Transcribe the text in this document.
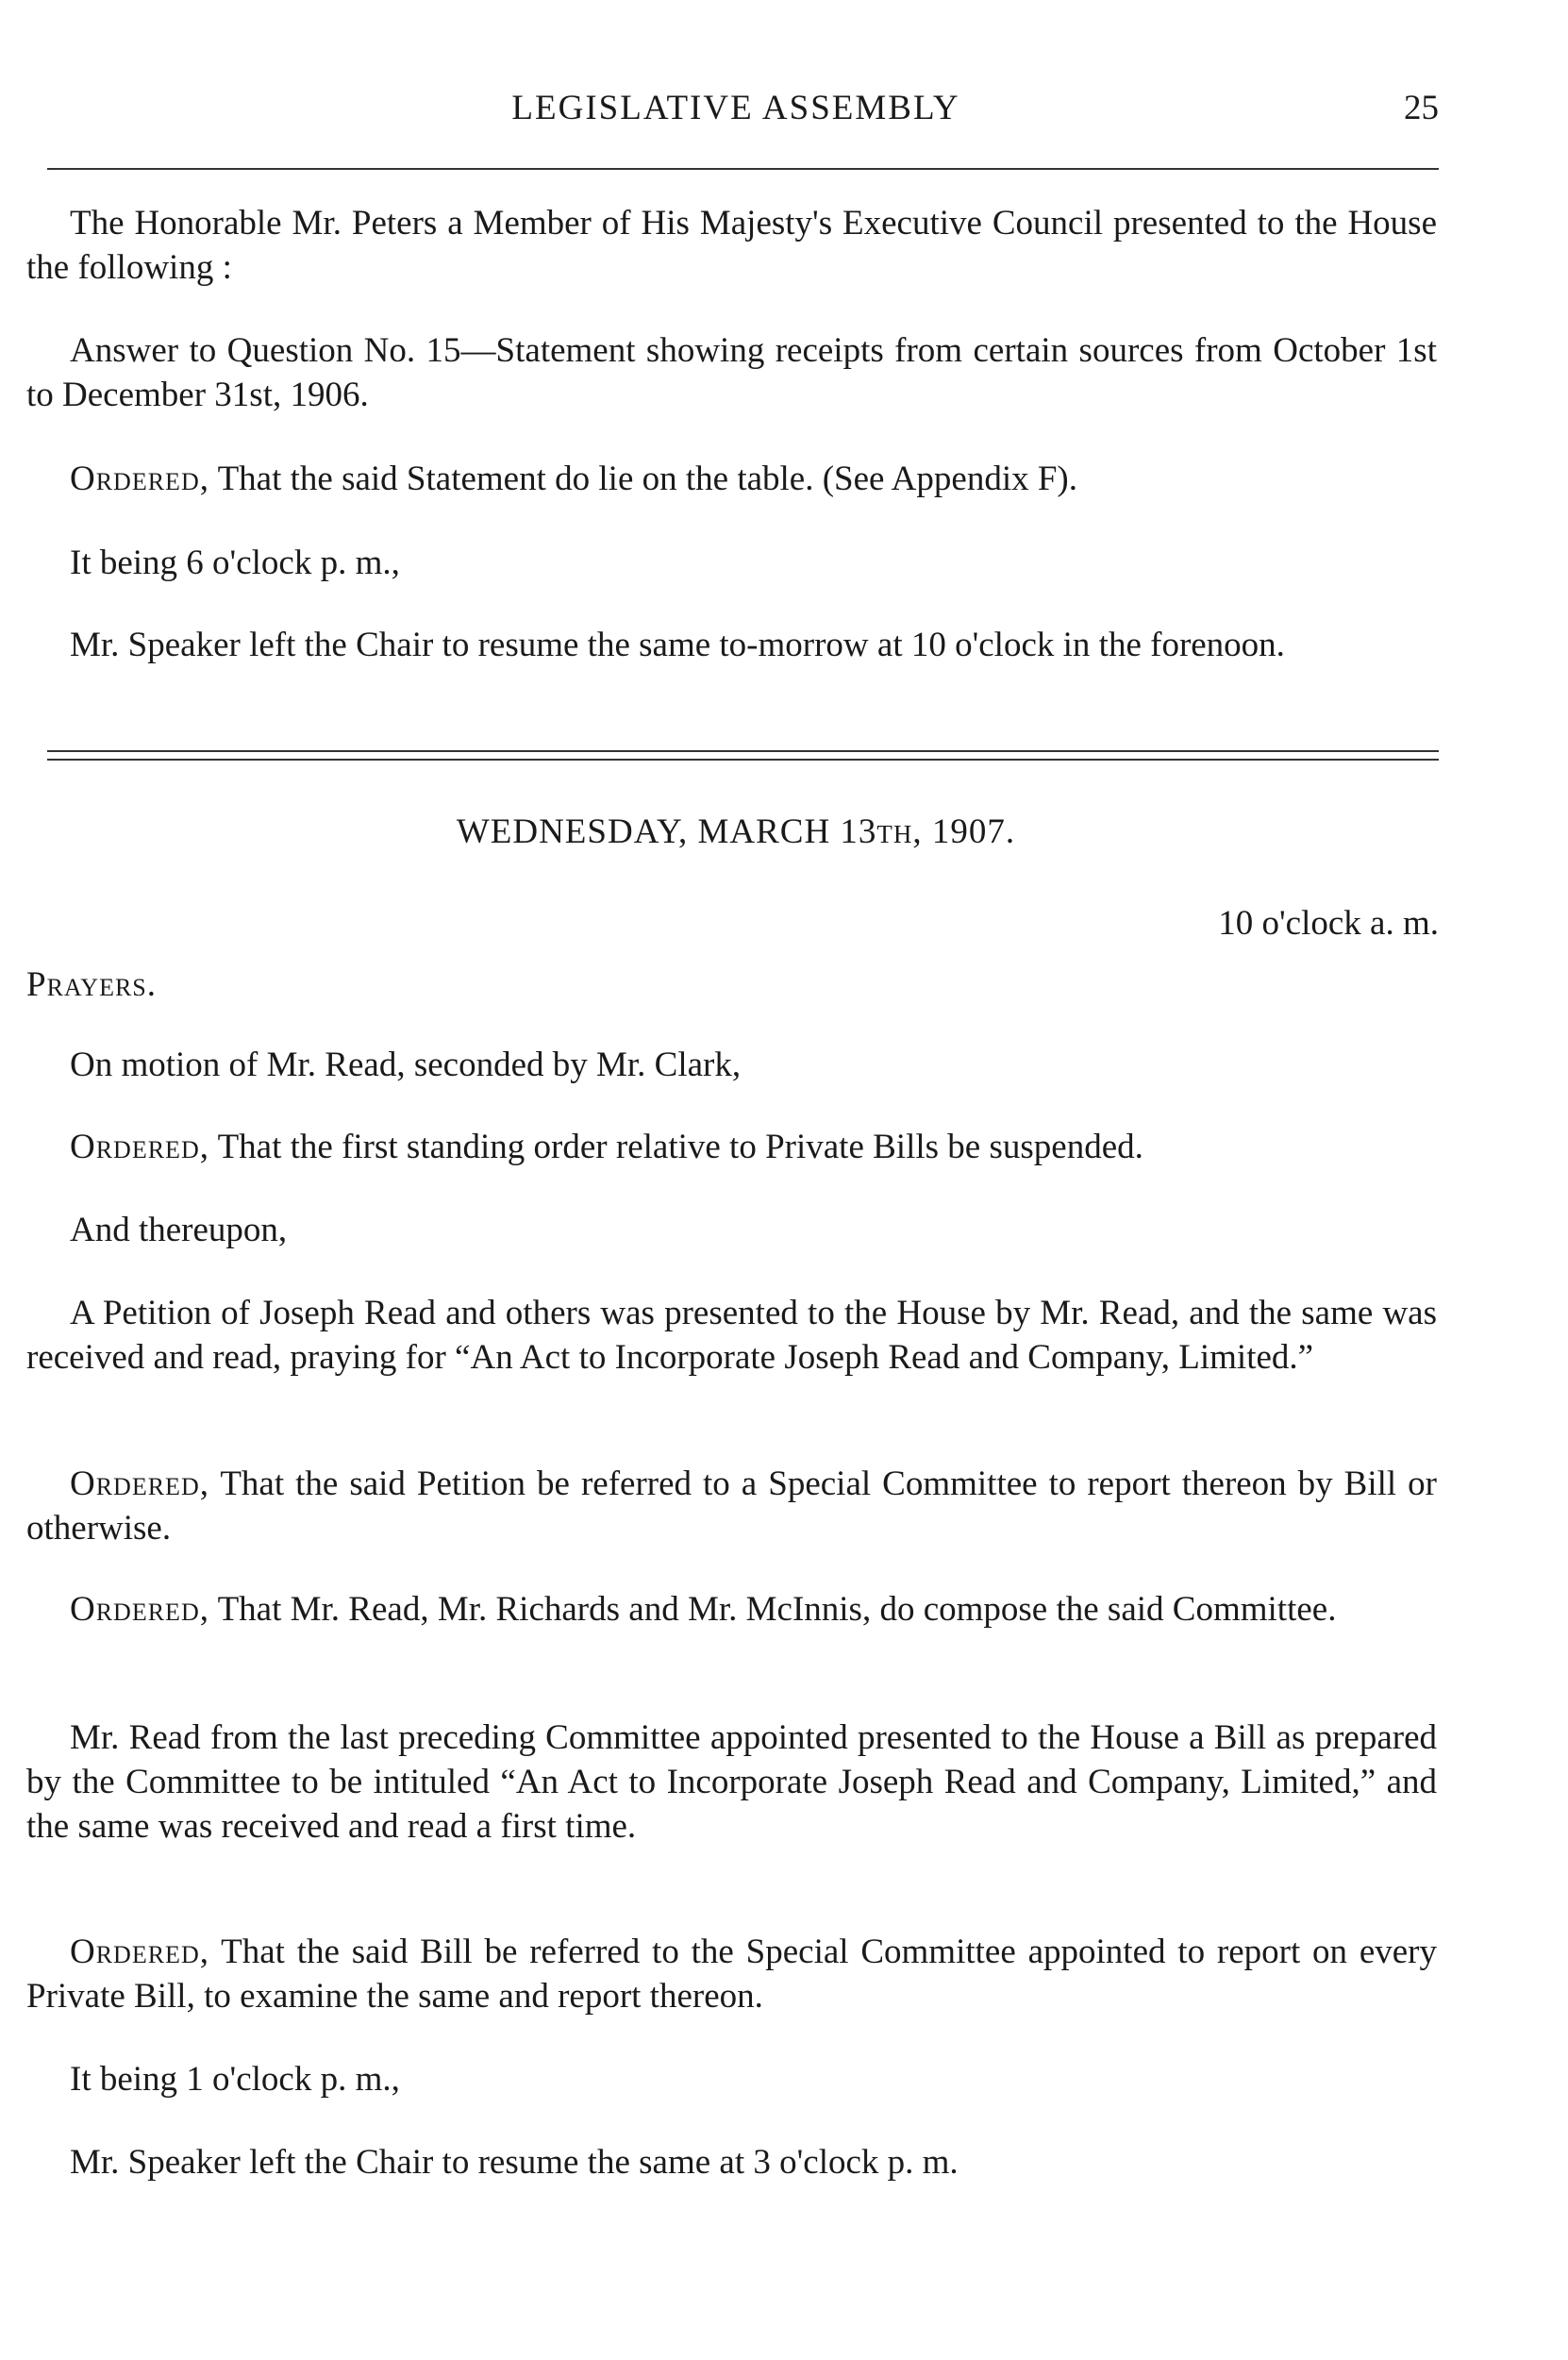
LEGISLATIVE ASSEMBLY	25

The Honorable Mr. Peters a Member of His Majesty's Executive Council presented to the House the following :

Answer to Question No. 15—Statement showing receipts from certain sources from October 1st to December 31st, 1906.

Ordered, That the said Statement do lie on the table. (See Appendix F).

It being 6 o'clock p. m.,

Mr. Speaker left the Chair to resume the same to-morrow at 10 o'clock in the forenoon.

WEDNESDAY, MARCH 13TH, 1907.
10 o'clock a. m.

Prayers.

On motion of Mr. Read, seconded by Mr. Clark,

Ordered, That the first standing order relative to Private Bills be suspended.

And thereupon,

A Petition of Joseph Read and others was presented to the House by Mr. Read, and the same was received and read, praying for “An Act to Incorporate Joseph Read and Company, Limited.”

Ordered, That the said Petition be referred to a Special Committee to report thereon by Bill or otherwise.

Ordered, That Mr. Read, Mr. Richards and Mr. McInnis, do compose the said Committee.

Mr. Read from the last preceding Committee appointed presented to the House a Bill as prepared by the Committee to be intituled “An Act to Incorporate Joseph Read and Company, Limited,” and the same was received and read a first time.

Ordered, That the said Bill be referred to the Special Committee appointed to report on every Private Bill, to examine the same and report thereon.

It being 1 o'clock p. m.,

Mr. Speaker left the Chair to resume the same at 3 o'clock p. m.
